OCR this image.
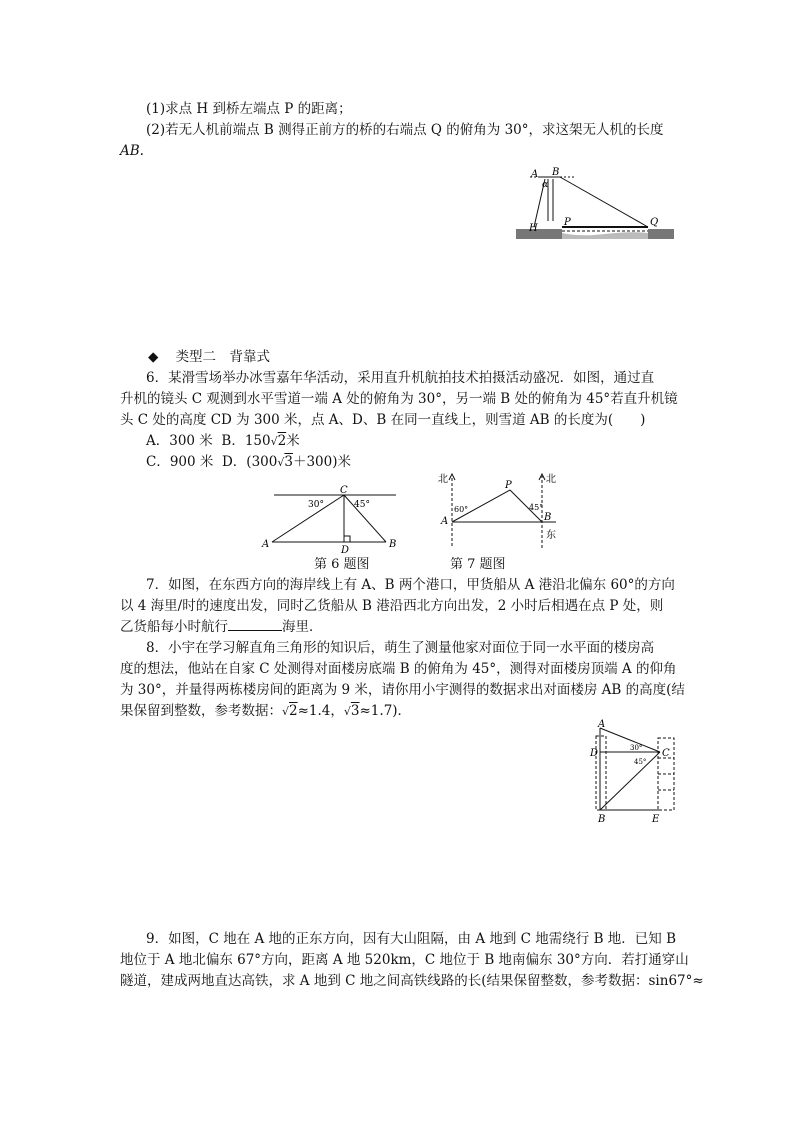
(1)求点 H 到桥左端点 P 的距离；
(2)若无人机前端点 B 测得正前方的桥的右端点 Q 的俯角为 30°，求这架无人机的长度
AB.
A B
α
H
P	Q
◆ 类型二　背靠式
6．某滑雪场举办冰雪嘉年华活动，采用直升机航拍技术拍摄活动盛况．如图，通过直
升机的镜头 C 观测到水平雪道一端 A 处的俯角为 30°，另一端 B 处的俯角为 45°若直升机镜
头 C 处的高度 CD 为 300 米，点 A、D、B 在同一直线上，则雪道 AB 的长度为(　　)
A．300 米 B．150√2米
C．900 米 D．(300√3＋300)米
C
A
D
B
30°	45°
第 6 题图
北	北
东
P
A	B
60°	45°
第 7 题图
7．如图，在东西方向的海岸线上有 A、B 两个港口，甲货船从 A 港沿北偏东 60°的方向
以 4 海里/时的速度出发，同时乙货船从 B 港沿西北方向出发，2 小时后相遇在点 P 处，则
乙货船每小时航行	海里．
8．小宇在学习解直角三角形的知识后，萌生了测量他家对面位于同一水平面的楼房高
度的想法，他站在自家 C 处测得对面楼房底端 B 的俯角为 45°，测得对面楼房顶端 A 的仰角
为 30°，并量得两栋楼房间的距离为 9 米，请你用小宇测得的数据求出对面楼房 AB 的高度(结
果保留到整数，参考数据：√2≈1.4，√3≈1.7)．
A
D	C
B	E
30°
45°
9．如图，C 地在 A 地的正东方向，因有大山阻隔，由 A 地到 C 地需绕行 B 地．已知 B
地位于 A 地北偏东 67°方向，距离 A 地 520km，C 地位于 B 地南偏东 30°方向．若打通穿山
隧道，建成两地直达高铁，求 A 地到 C 地之间高铁线路的长(结果保留整数，参考数据：sin67°≈
